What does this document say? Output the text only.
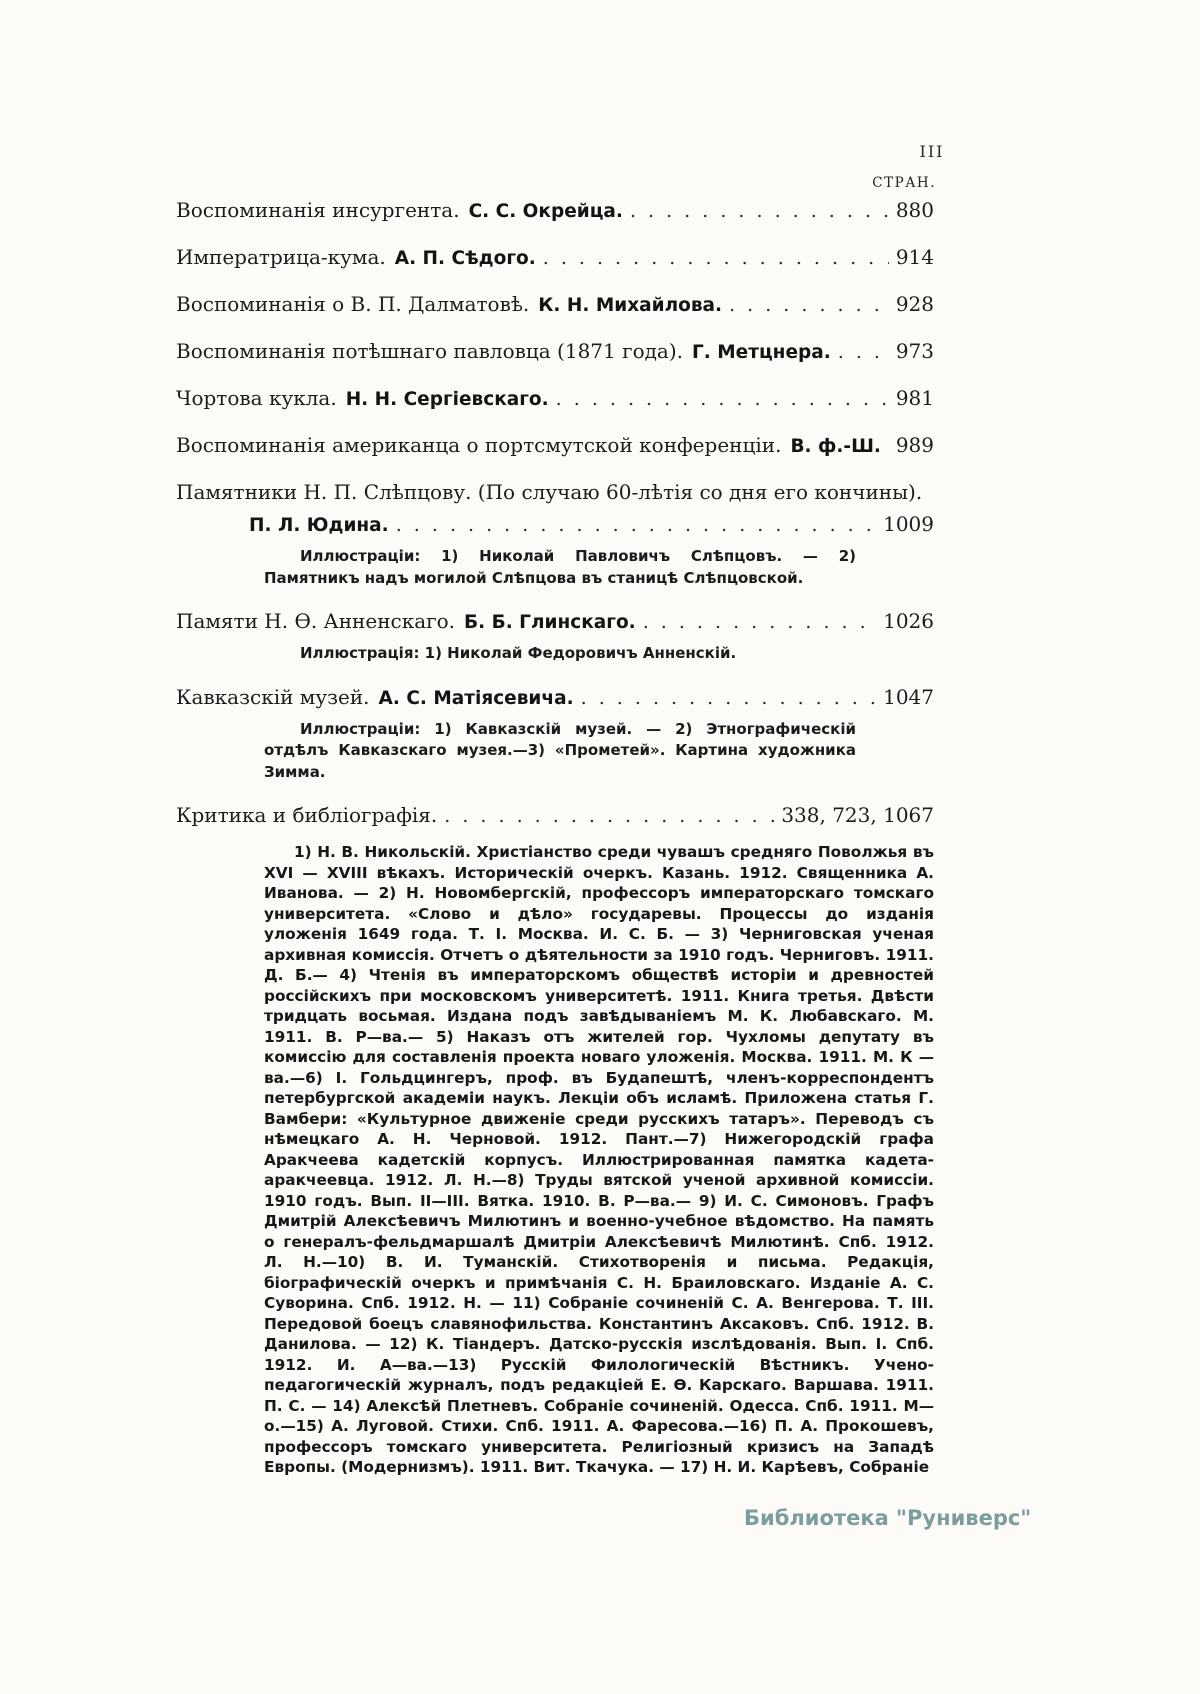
III
СТРАН.
Воспоминанія инсургента. С. С. Окрейца. . . .	880
Императрица-кума. А. П. Сѣдого. . . .	914
Воспоминанія о В. П. Далматовѣ. К. Н. Михайлова. . . .	928
Воспоминанія потѣшнаго павловца (1871 года). Г. Метцнера. . . .	973
Чортова кукла. Н. Н. Сергіевскаго. . . .	981
Воспоминанія американца о портсмутской конференціи. В. ф.-Ш. . . . 989
Памятники Н. П. Слѣпцову. (По случаю 60-лѣтія со дня его кончины).
П. Л. Юдина. . . .	1009
Иллюстраціи: 1) Николай Павловичъ Слѣпцовъ. — 2) Памятникъ надъ могилой Слѣпцова въ станицѣ Слѣпцовской.
Памяти Н. Ѳ. Анненскаго. Б. Б. Глинскаго. . . .	1026
Иллюстрація: 1) Николай Федоровичъ Анненскій.
Кавказскій музей. А. С. Матіясевича. . . .	1047
Иллюстраціи: 1) Кавказскій музей. — 2) Этнографическій отдѣлъ Кавказскаго музея.—3) «Прометей». Картина художника Зимма.
Критика и библіографія. . . .	338, 723, 1067
1) Н. В. Никольскій. Христіанство среди чувашъ средняго Поволжья въ XVI — XVIII вѣкахъ. Историческій очеркъ. Казань. 1912. Священника А. Иванова. — 2) Н. Новомбергскій, профессоръ императорскаго томскаго университета. «Слово и дѣло» государевы. Процессы до изданія уложенія 1649 года. Т. I. Москва. И. С. Б. — 3) Черниговская ученая архивная комиссія. Отчетъ о дѣятельности за 1910 годъ. Черниговъ. 1911. Д. Б.— 4) Чтенія въ императорскомъ обществѣ исторіи и древностей россійскихъ при московскомъ университетѣ. 1911. Книга третья. Двѣсти тридцать восьмая. Издана подъ завѣдываніемъ М. К. Любавскаго. М. 1911. В. Р—ва.— 5) Наказъ отъ жителей гор. Чухломы депутату въ комиссію для составленія проекта новаго уложенія. Москва. 1911. М. К — ва.—6) І. Гольдцингеръ, проф. въ Будапештѣ, членъ-корреспондентъ петербургской академіи наукъ. Лекціи объ исламѣ. Приложена статья Г. Вамбери: «Культурное движеніе среди русскихъ татаръ». Переводъ съ нѣмецкаго А. Н. Черновой. 1912. Пант.—7) Нижегородскій графа Аракчеева кадетскій корпусъ. Иллюстрированная памятка кадета-аракчеевца. 1912. Л. Н.—8) Труды вятской ученой архивной комиссіи. 1910 годъ. Вып. II—III. Вятка. 1910. В. Р—ва.— 9) И. С. Симоновъ. Графъ Дмитрій Алексѣевичъ Милютинъ и военно-учебное вѣдомство. На память о генералъ-фельдмаршалѣ Дмитріи Алексѣевичѣ Милютинѣ. Спб. 1912. Л. Н.—10) В. И. Туманскій. Стихотворенія и письма. Редакція, біографическій очеркъ и примѣчанія С. Н. Браиловскаго. Изданіе А. С. Суворина. Спб. 1912. Н. — 11) Собраніе сочиненій С. А. Венгерова. Т. III. Передовой боецъ славянофильства. Константинъ Аксаковъ. Спб. 1912. В. Данилова. — 12) К. Тіандеръ. Датско-русскія изслѣдованія. Вып. I. Спб. 1912. И. А—ва.—13) Русскій Филологическій Вѣстникъ. Учено-педагогическій журналъ, подъ редакціей Е. Ѳ. Карскаго. Варшава. 1911. П. С. — 14) Алексѣй Плетневъ. Собраніе сочиненій. Одесса. Спб. 1911. М—о.—15) А. Луговой. Стихи. Спб. 1911. А. Фаресова.—16) П. А. Прокошевъ, профессоръ томскаго университета. Религіозный кризисъ на Западѣ Европы. (Модернизмъ). 1911. Вит. Ткачука. — 17) Н. И. Карѣевъ, Собраніе
Библиотека "Руниверс"
